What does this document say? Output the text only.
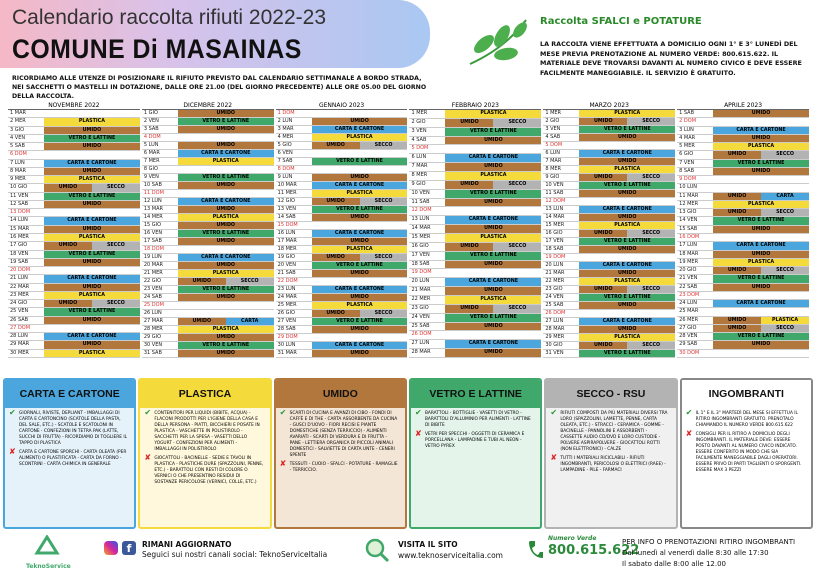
Calendario raccolta rifiuti 2022-23
COMUNE Di MASAINAS
RICORDIAMO ALLE UTENZE DI POSIZIONARE IL RIFIUTO PREVISTO DAL CALENDARIO SETTIMANALE A BORDO STRADA, NEI SACCHETTI O MASTELLI IN DOTAZIONE, DALLE ORE 21.00 (DEL GIORNO PRECEDENTE) ALLE ORE 05.00 DEL GIORNO DELLA RACCOLTA.
Raccolta SFALCI e POTATURE
LA RACCOLTA VIENE EFFETTUATA A DOMICILIO OGNI 1° E 3° LUNEDÌ DEL MESE PREVIA PRENOTAZIONE AL NUMERO VERDE: 800.615.622. IL MATERIALE DEVE TROVARSI DAVANTI AL NUMERO CIVICO E DEVE ESSERE FACILMENTE MANEGGIABILE. IL SERVIZIO È GRATUITO.
NOVEMBRE 2022
1 MAR
2 MER	PLASTICA
3 GIO	UMIDO
4 VEN	VETRO E LATTINE
5 SAB	UMIDO
6 DOM
7 LUN	CARTA E CARTONE
8 MAR	UMIDO
9 MER	PLASTICA
10 GIO	UMIDO	SECCO
11 VEN	VETRO E LATTINE
12 SAB	UMIDO
13 DOM
14 LUN	CARTA E CARTONE
15 MAR	UMIDO
16 MER	PLASTICA
17 GIO	UMIDO	SECCO
18 VEN	VETRO E LATTINE
19 SAB	UMIDO
20 DOM
21 LUN	CARTA E CARTONE
22 MAR	UMIDO
23 MER	PLASTICA
24 GIO	UMIDO	SECCO
25 VEN	VETRO E LATTINE
26 SAB	UMIDO
27 DOM
28 LUN	CARTA E CARTONE
29 MAR	UMIDO
30 MER	PLASTICA
DICEMBRE 2022
1 GIO	UMIDO
2 VEN	VETRO E LATTINE
3 SAB	UMIDO
4 DOM
5 LUN	UMIDO
6 MAR	CARTA E CARTONE
7 MER	PLASTICA
8 GIO
9 VEN	VETRO E LATTINE
10 SAB	UMIDO
11 DOM
12 LUN	CARTA E CARTONE
13 MAR	UMIDO
14 MER	PLASTICA
15 GIO	UMIDO
16 VEN	VETRO E LATTINE
17 SAB	UMIDO
18 DOM
19 LUN	CARTA E CARTONE
20 MAR	UMIDO
21 MER	PLASTICA
22 GIO	UMIDO	SECCO
23 VEN	VETRO E LATTINE
24 SAB	UMIDO
25 DOM
26 LUN
27 MAR	UMIDO	CARTA
28 MER	PLASTICA
29 GIO	UMIDO
30 VEN	VETRO E LATTINE
31 SAB	UMIDO
GENNAIO 2023
1 DOM
2 LUN	UMIDO
3 MAR	CARTA E CARTONE
4 MER	PLASTICA
5 GIO	UMIDO	SECCO
6 VEN
7 SAB	VETRO E LATTINE
8 DOM
9 LUN	UMIDO
10 MAR	CARTA E CARTONE
11 MER	PLASTICA
12 GIO	UMIDO	SECCO
13 VEN	VETRO E LATTINE
14 SAB	UMIDO
15 DOM
16 LUN	CARTA E CARTONE
17 MAR	UMIDO
18 MER	PLASTICA
19 GIO	UMIDO	SECCO
20 VEN	VETRO E LATTINE
21 SAB	UMIDO
22 DOM
23 LUN	CARTA E CARTONE
24 MAR	UMIDO
25 MER	PLASTICA
26 GIO	UMIDO	SECCO
27 VEN	VETRO E LATTINE
28 SAB	UMIDO
29 DOM
30 LUN	CARTA E CARTONE
31 MAR	UMIDO
FEBBRAIO 2023
1 MER	PLASTICA
2 GIO	UMIDO	SECCO
3 VEN	VETRO E LATTINE
4 SAB	UMIDO
5 DOM
6 LUN	CARTA E CARTONE
7 MAR	UMIDO
8 MER	PLASTICA
9 GIO	UMIDO	SECCO
10 VEN	VETRO E LATTINE
11 SAB	UMIDO
12 DOM
13 LUN	CARTA E CARTONE
14 MAR	UMIDO
15 MER	PLASTICA
16 GIO	UMIDO	SECCO
17 VEN	VETRO E LATTINE
18 SAB	UMIDO
19 DOM
20 LUN	CARTA E CARTONE
21 MAR	UMIDO
22 MER	PLASTICA
23 GIO	UMIDO	SECCO
24 VEN	VETRO E LATTINE
25 SAB	UMIDO
26 DOM
27 LUN	CARTA E CARTONE
28 MAR	UMIDO
MARZO 2023
1 MER	PLASTICA
2 GIO	UMIDO	SECCO
3 VEN	VETRO E LATTINE
4 SAB	UMIDO
5 DOM
6 LUN	CARTA E CARTONE
7 MAR	UMIDO
8 MER	PLASTICA
9 GIO	UMIDO	SECCO
10 VEN	VETRO E LATTINE
11 SAB	UMIDO
12 DOM
13 LUN	CARTA E CARTONE
14 MAR	UMIDO
15 MER	PLASTICA
16 GIO	UMIDO	SECCO
17 VEN	VETRO E LATTINE
18 SAB	UMIDO
19 DOM
20 LUN	CARTA E CARTONE
21 MAR	UMIDO
22 MER	PLASTICA
23 GIO	UMIDO	SECCO
24 VEN	VETRO E LATTINE
25 SAB	UMIDO
26 DOM
27 LUN	CARTA E CARTONE
28 MAR	UMIDO
29 MER	PLASTICA
30 GIO	UMIDO	SECCO
31 VEN	VETRO E LATTINE
APRILE 2023
1 SAB	UMIDO
2 DOM
3 LUN	CARTA E CARTONE
4 MAR	UMIDO
5 MER	PLASTICA
6 GIO	UMIDO	SECCO
7 VEN	VETRO E LATTINE
8 SAB	UMIDO
9 DOM
10 LUN
11 MAR	UMIDO	CARTA
12 MER	PLASTICA
13 GIO	UMIDO	SECCO
14 VEN	VETRO E LATTINE
15 SAB	UMIDO
16 DOM
17 LUN	CARTA E CARTONE
18 MAR	UMIDO
19 MER	PLASTICA
20 GIO	UMIDO	SECCO
21 VEN	VETRO E LATTINE
22 SAB	UMIDO
23 DOM
24 LUN	CARTA E CARTONE
25 MAR
26 MER	UMIDO	PLASTICA
27 GIO	UMIDO	SECCO
28 VEN	VETRO E LATTINE
29 SAB	UMIDO
30 DOM
CARTA E CARTONE
✔ GIORNALI, RIVISTE, DEPLIANT - IMBALLAGGI DI CARTA E CARTONCINO (SCATOLE DELLA PASTA, DEL SALE, ETC.) - SCATOLE E SCATOLONI IN CARTONE - CONFEZIONI IN TETRA PAK (LATTE, SUCCHI DI FRUTTA) - RICORDIAMO DI TOGLIERE IL TAPPO DI PLASTICA
✘ CARTA E CARTONE SPORCHI - CARTA OLEATA (PER ALIMENTI) O PLASTIFICATA - CARTA DA FORNO - SCONTRINI - CARTA CHIMICA IN GENERALE
PLASTICA
✔ CONTENITORI PER LIQUIDI (BIBITE, ACQUA) - FLACONI PRODOTTI PER L'IGIENE DELLA CASA E DELLA PERSONA - PIATTI, BICCHIERI E POSATE IN PLASTICA - VASCHETTE IN POLISTIROLO - SACCHETTI PER LA SPESA - VASETTI DELLO YOGURT - CONFEZIONI PER ALIMENTI - IMBALLAGGI IN POLISTIROLO
✘ GIOCATTOLI - BACINELLE - SEDIE E TAVOLI IN PLASTICA - PLASTICHE DURE (SPAZZOLINI, PENNE, ETC.) - BARATTOLI CON RESTI DI COLORE O VERNICI O CHE PRESENTINO RESIDUI DI SOSTANZE PERICOLOSE (VERNICI, COLLE, ETC.)
UMIDO
✔ SCARTI DI CUCINA E AVANZI DI CIBO - FONDI DI CAFFÈ E DI THE - CARTA ASSORBENTE DA CUCINA - GUSCI D'UOVO - FIORI RECISI E PIANTE DOMESTICHE (SENZA TERRICCIO) - ALIMENTI AVARIATI - SCARTI DI VERDURA E DI FRUTTA - PANE - LETTIERA ORGANICA DI PICCOLI ANIMALI DOMESTICI - SALVIETTE DI CARTA UNTE - CENERI SPENTE
✘ TESSUTI - CUOIO - SFALCI - POTATURE - RAMAGLIE - TERRICCIO.
VETRO E LATTINE
✔ BARATTOLI - BOTTIGLIE - VASETTI DI VETRO - BARATTOLI D'ALLUMINIO PER ALIMENTI - LATTINE DI BIBITE
✘ VETRI PER SPECCHI - OGGETTI DI CERAMICA E PORCELLANA - LAMPADINE E TUBI AL NEON - VETRO PYREX
SECCO - RSU
✔ RIFIUTI COMPOSTI DA PIÙ MATERIALI DIVERSI TRA LORO (SPAZZOLINI, LAMETTE, PENNE, CARTA OLEATA, ETC.) - STRACCI - CERAMICA - GOMME - BACINELLE - PANNOLINI E ASSORBENTI - CASSETTE AUDIO CD/DVD E LORO CUSTODIE - POLVERE ASPIRAPOLVERE - GIOCATTOLI ROTTI (NON ELETTRONICI) - CALZE
✘ TUTTI I MATERIALI RICICLABILI - RIFIUTI INGOMBRANTI, PERICOLOSI O ELETTRICI (RAEE) - LAMPADINE - PILE - FARMACI
INGOMBRANTI
✔ IL 1° E IL 3° MARTEDÌ DEL MESE SI EFFETTUA IL RITIRO INGOMBRANTI GRATUITO. PRENOTALO CHIAMANDO IL NUMERO VERDE 800.615.622
✘ CONSIGLI PER IL RITIRO A DOMICILIO DEGLI INGOMBRANTI. IL MATERIALE DEVE: ESSERE POSTO DAVANTI AL NUMERO CIVICO INDICATO. ESSERE CONFERITO IN MODO CHE SIA FACILMENTE MANEGGIABILE DAGLI OPERATORI. ESSERE PRIVO DI PARTI TAGLIENTI O SPORGENTI. ESSERE MAX 3 PEZZI
TeknoService
f	RIMANI AGGIORNATO
Seguici sui nostri canali social: TeknoServiceItalia
VISITA IL SITO
www.teknoserviceitalia.com
Numero Verde
800.615.622
PER INFO O PRENOTAZIONI RITIRO INGOMBRANTI
Dal lunedì al venerdì dalle 8:30 alle 17:30
Il sabato dalle 8:00 alle 12.00
